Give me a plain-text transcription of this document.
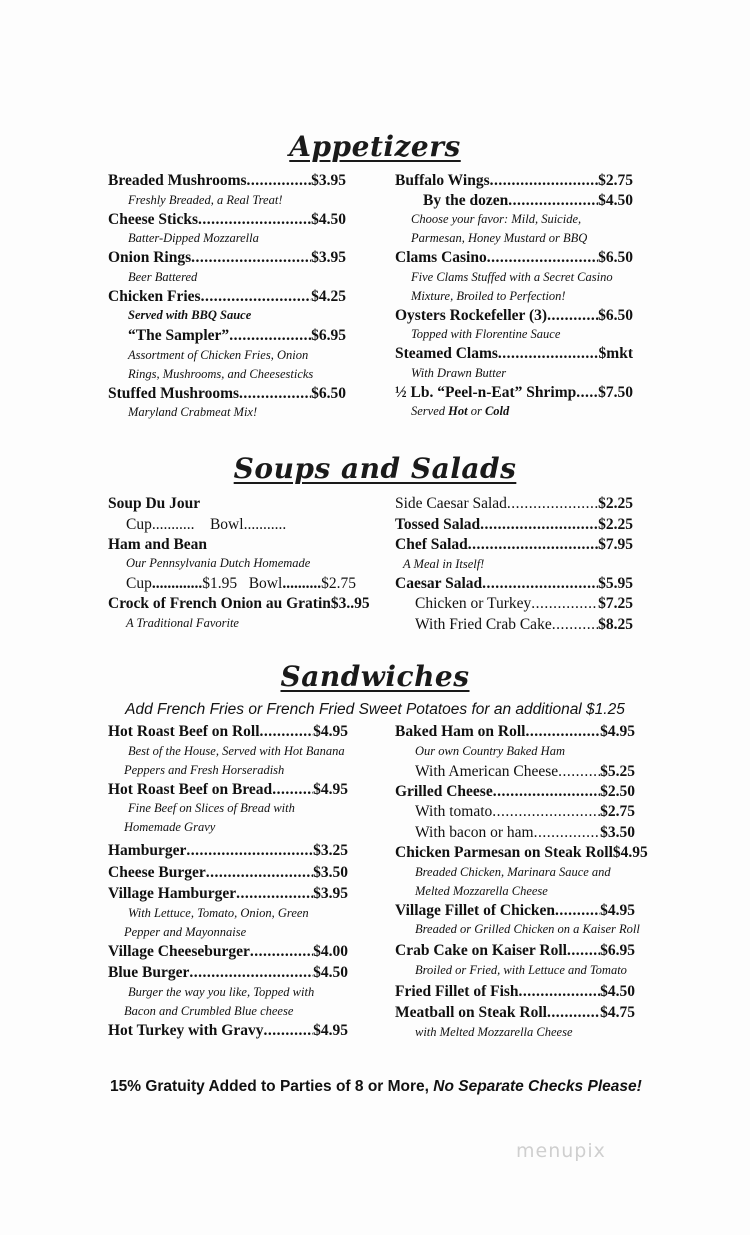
Appetizers
Breaded Mushrooms .....	$3.95
Freshly Breaded, a Real Treat!
Cheese Sticks .....	$4.50
Batter-Dipped Mozzarella
Onion Rings .....	$3.95
Beer Battered
Chicken Fries .....	$4.25
Served with BBQ Sauce
“The Sampler” .....	$6.95
Assortment of Chicken Fries, Onion
Rings, Mushrooms, and Cheesesticks
Stuffed Mushrooms .....	$6.50
Maryland Crabmeat Mix!
Buffalo Wings .....	$2.75
By the dozen .....	$4.50
Choose your favor: Mild, Suicide,
Parmesan, Honey Mustard or BBQ
Clams Casino .....	$6.50
Five Clams Stuffed with a Secret Casino
Mixture, Broiled to Perfection!
Oysters Rockefeller (3) .....	$6.50
Topped with Florentine Sauce
Steamed Clams .....	$mkt
With Drawn Butter
½ Lb. “Peel-n-Eat” Shrimp ..... $7.50
Served Hot or Cold
Soups and Salads
Soup Du Jour
Cup........... Bowl...........
Ham and Bean
Our Pennsylvania Dutch Homemade
Cup.............$1.95 Bowl..........$2.75
Crock of French Onion au Gratin$3..95
A Traditional Favorite
Side Caesar Salad .....	$2.25
Tossed Salad .....	$2.25
Chef Salad .....	$7.95
A Meal in Itself!
Caesar Salad .....	$5.95
Chicken or Turkey .....	$7.25
With Fried Crab Cake .....	$8.25
Sandwiches
Add French Fries or French Fried Sweet Potatoes for an additional $1.25
Hot Roast Beef on Roll .....	$4.95
Best of the House, Served with Hot Banana
Peppers and Fresh Horseradish
Hot Roast Beef on Bread .....	$4.95
Fine Beef on Slices of Bread with
Homemade Gravy
Hamburger .....	$3.25
Cheese Burger .....	$3.50
Village Hamburger .....	$3.95
With Lettuce, Tomato, Onion, Green
Pepper and Mayonnaise
Village Cheeseburger .....	$4.00
Blue Burger .....	$4.50
Burger the way you like, Topped with
Bacon and Crumbled Blue cheese
Hot Turkey with Gravy .....	$4.95
Baked Ham on Roll .....	$4.95
Our own Country Baked Ham
With American Cheese .....	$5.25
Grilled Cheese .....	$2.50
With tomato .....	$2.75
With bacon or ham .....	$3.50
Chicken Parmesan on Steak Roll$4.95
Breaded Chicken, Marinara Sauce and
Melted Mozzarella Cheese
Village Fillet of Chicken .....	$4.95
Breaded or Grilled Chicken on a Kaiser Roll
Crab Cake on Kaiser Roll ..... $6.95
Broiled or Fried, with Lettuce and Tomato
Fried Fillet of Fish .....	$4.50
Meatball on Steak Roll .....	$4.75
with Melted Mozzarella Cheese
15% Gratuity Added to Parties of 8 or More, No Separate Checks Please!
menupix
